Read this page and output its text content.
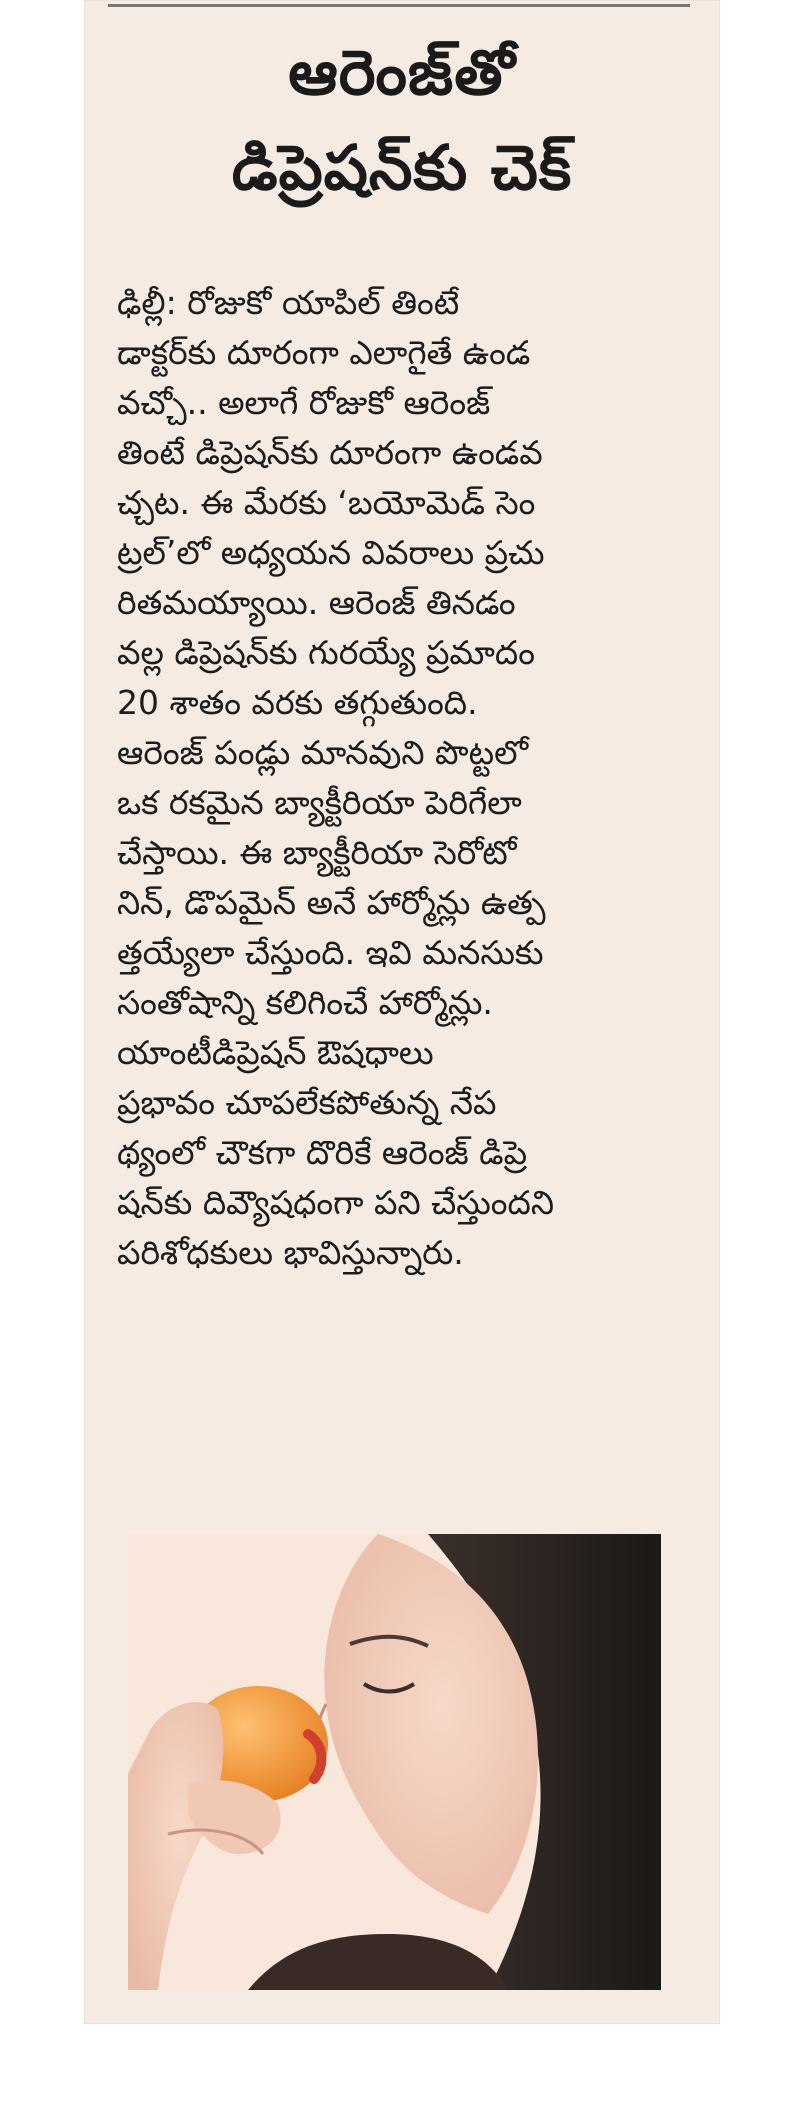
ఆరెంజ్‌తో
డిప్రెషన్‌కు చెక్
ఢిల్లీ: రోజుకో యాపిల్ తింటే
డాక్టర్‌కు దూరంగా ఎలాగైతే ఉండ
వచ్చో.. అలాగే రోజుకో ఆరెంజ్
తింటే డిప్రెషన్‌కు దూరంగా ఉండవ
చ్చట. ఈ మేరకు ‘బయోమెడ్ సెం
ట్రల్’లో అధ్యయన వివరాలు ప్రచు
రితమయ్యాయి. ఆరెంజ్ తినడం
వల్ల డిప్రెషన్‌కు గురయ్యే ప్రమాదం
20 శాతం వరకు తగ్గుతుంది.
ఆరెంజ్ పండ్లు మానవుని పొట్టలో
ఒక రకమైన బ్యాక్టీరియా పెరిగేలా
చేస్తాయి. ఈ బ్యాక్టీరియా సెరోటో
నిన్, డొపమైన్ అనే హార్మోన్లు ఉత్ప
త్తయ్యేలా చేస్తుంది. ఇవి మనసుకు
సంతోషాన్ని కలిగించే హార్మోన్లు.
యాంటీడిప్రెషన్ ఔషధాలు
ప్రభావం చూపలేకపోతున్న నేప
థ్యంలో చౌకగా దొరికే ఆరెంజ్ డిప్రె
షన్‌కు దివ్యౌషధంగా పని చేస్తుందని
పరిశోధకులు భావిస్తున్నారు.
